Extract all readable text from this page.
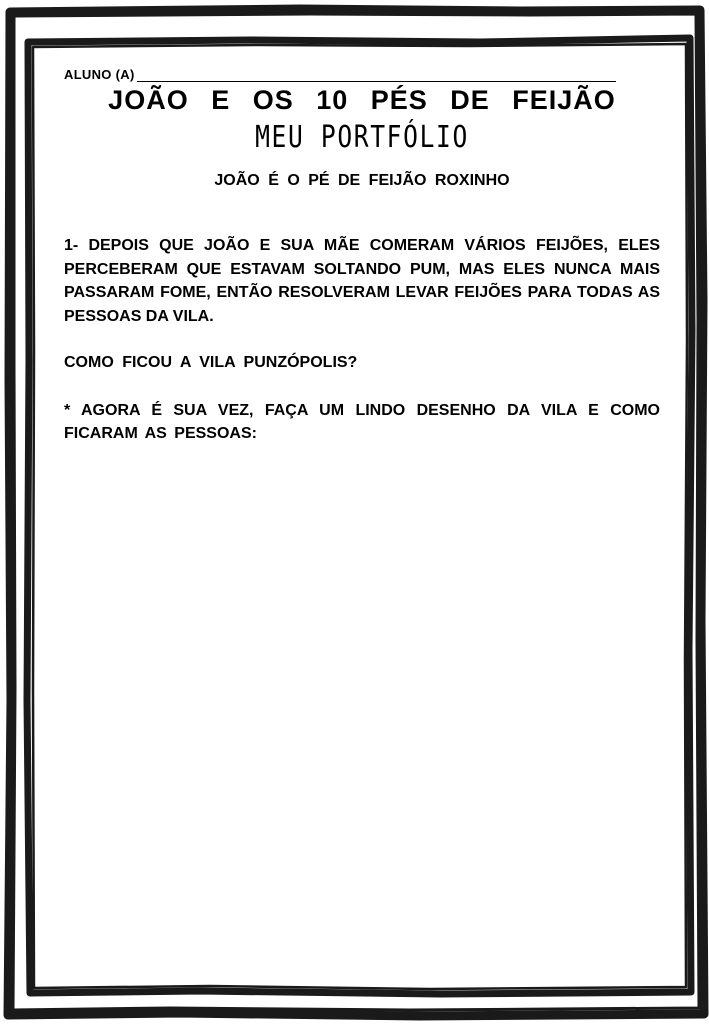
ALUNO (A)
JOÃO E OS 10 PÉS DE FEIJÃO
MEU PORTFÓLIO
JOÃO É O PÉ DE FEIJÃO ROXINHO

1- DEPOIS QUE JOÃO E SUA MÃE COMERAM VÁRIOS FEIJÕES, ELES PERCEBERAM QUE ESTAVAM SOLTANDO PUM, MAS ELES NUNCA MAIS PASSARAM FOME, ENTÃO RESOLVERAM LEVAR FEIJÕES PARA TODAS AS PESSOAS DA VILA.

COMO FICOU A VILA PUNZÓPOLIS?

* AGORA É SUA VEZ, FAÇA UM LINDO DESENHO DA VILA E COMO FICARAM AS PESSOAS:
